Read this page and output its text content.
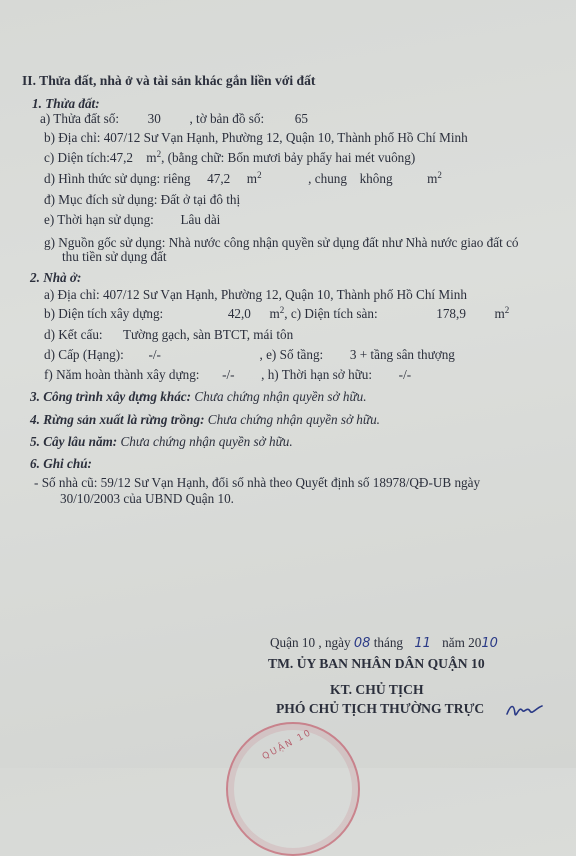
II. Thửa đất, nhà ở và tài sản khác gắn liền với đất
1. Thửa đất:
a) Thửa đất số: 30 , tờ bản đồ số: 65
b) Địa chỉ: 407/12 Sư Vạn Hạnh, Phường 12, Quận 10, Thành phố Hồ Chí Minh
c) Diện tích:47,2 $m^2$, (bằng chữ: Bốn mươi bảy phẩy hai mét vuông)
d) Hình thức sử dụng: riêng 47,2 $m^2$	, chung không	$m^2$
đ) Mục đích sử dụng: Đất ở tại đô thị
e) Thời hạn sử dụng: Lâu dài
g) Nguồn gốc sử dụng: Nhà nước công nhận quyền sử dụng đất như Nhà nước giao đất có
thu tiền sử dụng đất
2. Nhà ở:
a) Địa chỉ: 407/12 Sư Vạn Hạnh, Phường 12, Quận 10, Thành phố Hồ Chí Minh
b) Diện tích xây dựng:	42,0 $m^2$, c) Diện tích sàn:	178,9 $m^2$
d) Kết cấu: Tường gạch, sàn BTCT, mái tôn
d) Cấp (Hạng): -/-	, e) Số tầng: 3 + tầng sân thượng
f) Năm hoàn thành xây dựng: -/- , h) Thời hạn sở hữu: -/-
3. Công trình xây dựng khác: Chưa chứng nhận quyền sở hữu.
4. Rừng sản xuất là rừng trồng: Chưa chứng nhận quyền sở hữu.
5. Cây lâu năm: Chưa chứng nhận quyền sở hữu.
6. Ghi chú:
- Số nhà cũ: 59/12 Sư Vạn Hạnh, đổi số nhà theo Quyết định số 18978/QĐ-UB ngày
30/10/2003 của UBND Quận 10.
Quận 10 , ngày 08 tháng 11 năm 2010
TM. ỦY BAN NHÂN DÂN QUẬN 10
KT. CHỦ TỊCH
PHÓ CHỦ TỊCH THƯỜNG TRỰC
QUẬN 10
